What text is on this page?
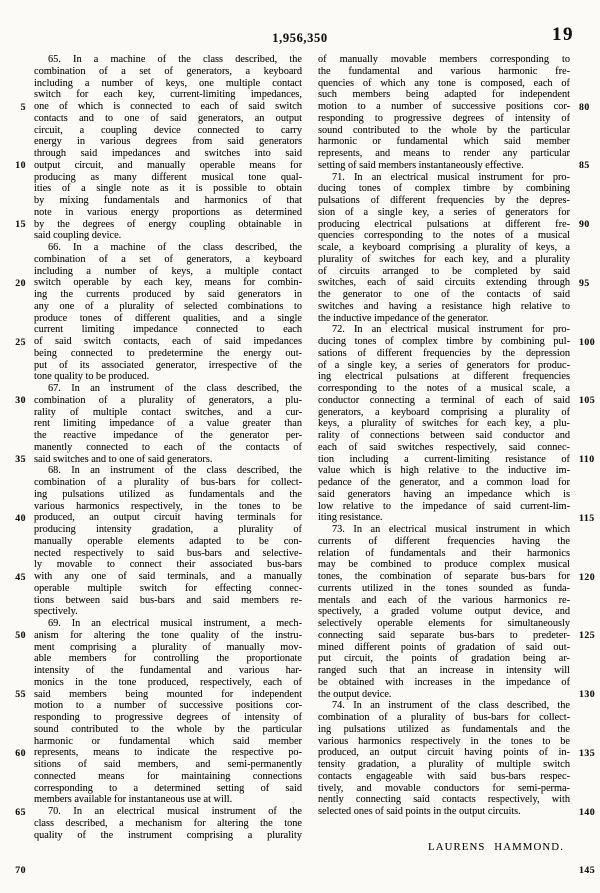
1,956,350	19
65. In a machine of the class described, the
combination of a set of generators, a keyboard
including a number of keys, one multiple contact
switch for each key, current-limiting impedances,
one of which is connected to each of said switch
5
contacts and to one of said generators, an output
circuit, a coupling device connected to carry
energy in various degrees from said generators
through said impedances and switches into said
output circuit, and manually operable means for
10
producing as many different musical tone qual-
ities of a single note as it is possible to obtain
by mixing fundamentals and harmonics of that
note in various energy proportions as determined
by the degrees of energy coupling obtainable in
15
said coupling device.
66. In a machine of the class described, the
combination of a set of generators, a keyboard
including a number of keys, a multiple contact
switch operable by each key, means for combin-
20
ing the currents produced by said generators in
any one of a plurality of selected combinations to
produce tones of different qualities, and a single
current limiting impedance connected to each
of said switch contacts, each of said impedances
25
being connected to predetermine the energy out-
put of its associated generator, irrespective of the
tone quality to be produced.
67. In an instrument of the class described, the
combination of a plurality of generators, a plu-
30
rality of multiple contact switches, and a cur-
rent limiting impedance of a value greater than
the reactive impedance of the generator per-
manently connected to each of the contacts of
said switches and to one of said generators.
35
68. In an instrument of the class described, the
combination of a plurality of bus-bars for collect-
ing pulsations utilized as fundamentals and the
various harmonics respectively, in the tones to be
produced, an output circuit having terminals for
40
producing intensity gradation, a plurality of
manually operable elements adapted to be con-
nected respectively to said bus-bars and selective-
ly movable to connect their associated bus-bars
with any one of said terminals, and a manually
45
operable multiple switch for effecting connec-
tions between said bus-bars and said members re-
spectively.
69. In an electrical musical instrument, a mech-
anism for altering the tone quality of the instru-
50
ment comprising a plurality of manually mov-
able members for controlling the proportionate
intensity of the fundamental and various har-
monics in the tone produced, respectively, each of
said members being mounted for independent
55
motion to a number of successive positions cor-
responding to progressive degrees of intensity of
sound contributed to the whole by the particular
harmonic or fundamental which said member
represents, means to indicate the respective po-
60
sitions of said members, and semi-permanently
connected means for maintaining connections
corresponding to a determined setting of said
members available for instantaneous use at will.
70. In an electrical musical instrument of the
65
class described, a mechanism for altering the tone
quality of the instrument comprising a plurality
70
LAURENS HAMMOND.
of manually movable members corresponding to
the fundamental and various harmonic fre-
quencies of which any tone is composed, each of
such members being adapted for independent
motion to a number of successive positions cor- 80
responding to progressive degrees of intensity of
sound contributed to the whole by the particular
harmonic or fundamental which said member
represents, and means to render any particular
setting of said members instantaneously effective.	85
71. In an electrical musical instrument for pro-
ducing tones of complex timbre by combining
pulsations of different frequencies by the depres-
sion of a single key, a series of generators for
producing electrical pulsations at different fre- 90
quencies corresponding to the notes of a musical
scale, a keyboard comprising a plurality of keys, a
plurality of switches for each key, and a plurality
of circuits arranged to be completed by said
switches, each of said circuits extending through 95
the generator to one of the contacts of said
switches and having a resistance high relative to
the inductive impedance of the generator.
72. In an electrical musical instrument for pro-
ducing tones of complex timbre by combining pul- 100
sations of different frequencies by the depression
of a single key, a series of generators for produc-
ing electrical pulsations at different frequencies
corresponding to the notes of a musical scale, a
conductor connecting a terminal of each of said 105
generators, a keyboard comprising a plurality of
keys, a plurality of switches for each key, a plu-
rality of connections between said conductor and
each of said switches respectively, said connec-
tion including a current-limiting resistance of 110
value which is high relative to the inductive im-
pedance of the generator, and a common load for
said generators having an impedance which is
low relative to the impedance of said current-lim-
iting resistance.	115
73. In an electrical musical instrument in which
currents of different frequencies having the
relation of fundamentals and their harmonics
may be combined to produce complex musical
tones, the combination of separate bus-bars for 120
currents utilized in the tones sounded as funda-
mentals and each of the various harmonics re-
spectively, a graded volume output device, and
selectively operable elements for simultaneously
connecting said separate bus-bars to predeter- 125
mined different points of gradation of said out-
put circuit, the points of gradation being ar-
ranged such that an increase in intensity will
be obtained with increases in the impedance of
the output device.	130
74. In an instrument of the class described, the
combination of a plurality of bus-bars for collect-
ing pulsations utilized as fundamentals and the
various harmonics respectively in the tones to be
produced, an output circuit having points of in- 135
tensity gradation, a plurality of multiple switch
contacts engageable with said bus-bars respec-
tively, and movable conductors for semi-perma-
nently connecting said contacts respectively, with
selected ones of said points in the output circuits.	140
145
